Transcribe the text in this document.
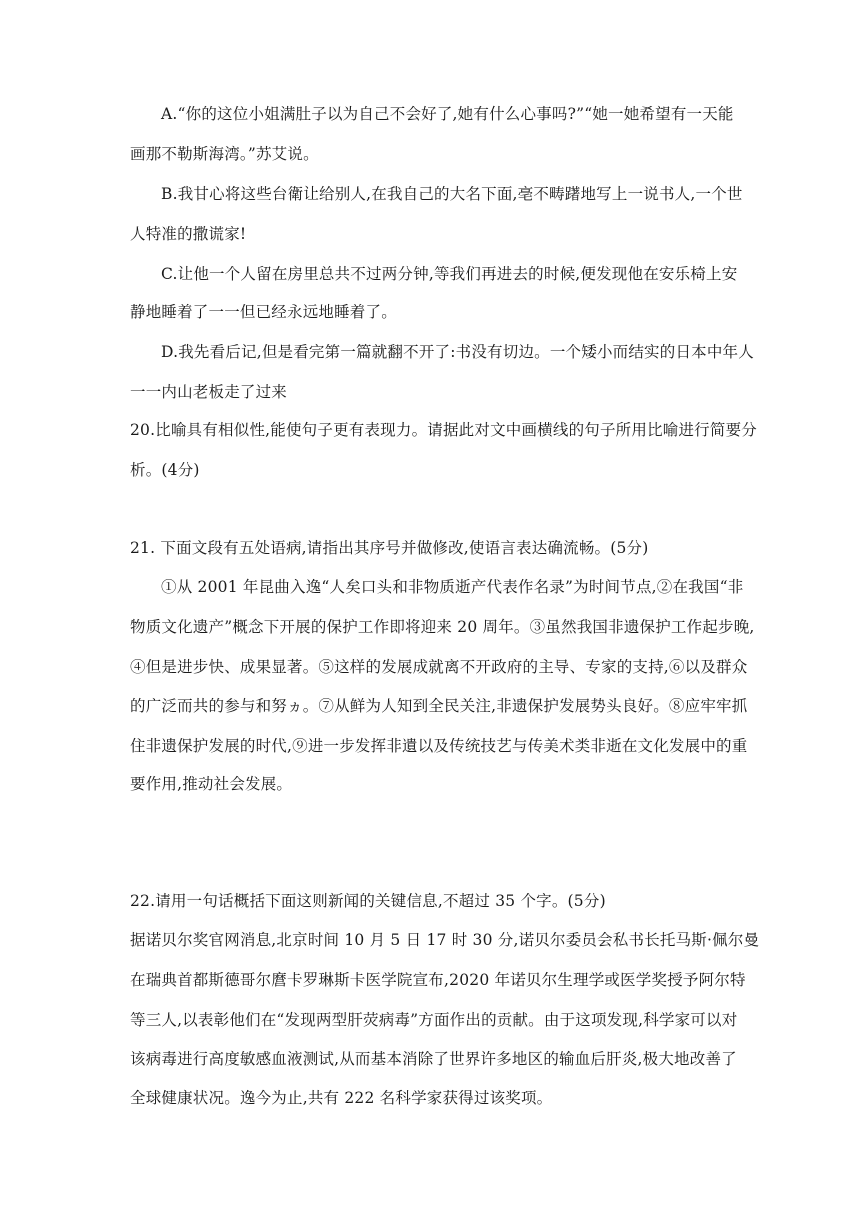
A.“你的这位小姐满肚子以为自己不会好了,她有什么心事吗?”“她一她希望有一天能
画那不勒斯海湾。”苏艾说。
B.我甘心将这些台衛让给别人,在我自己的大名下面,亳不畴躇地写上一说书人,一个世
人特准的撒谎家!
C.让他一个人留在房里总共不过两分钟,等我们再进去的时候,便发现他在安乐椅上安
静地睡着了一一但已经永远地睡着了。
D.我先看后记,但是看完第一篇就翻不开了:书没有切边。一个矮小而结实的日本中年人
一一内山老板走了过来
20.比喻具有相似性,能使句子更有表现力。请据此对文中画横线的句子所用比喻进行简要分
析。(4分)
21. 下面文段有五处语病,请指出其序号并做修改,使语言表达确流畅。(5分)
①从 2001 年昆曲入逸“人矣口头和非物质逝产代表作名录”为时间节点,②在我国“非
物质文化遗产”概念下开展的保护工作即将迎来 20 周年。③虽然我国非遗保护工作起步晚,
④但是进步快、成果显著。⑤这样的发展成就离不开政府的主导、专家的支持,⑥以及群众
的广泛而共的参与和努ヵ。⑦从鲜为人知到全民关注,非遗保护发展势头良好。⑧应牢牢抓
住非遗保护发展的时代,⑨进一步发挥非遺以及传统技艺与传美术类非逝在文化发展中的重
要作用,推动社会发展。
22.请用一句话概括下面这则新闻的关键信息,不超过 35 个字。(5分)
据诺贝尔奖官网消息,北京时间 10 月 5 日 17 时 30 分,诺贝尔委员会私书长托马斯·佩尔曼
在瑞典首都斯德哥尔麿卡罗琳斯卡医学院宣布,2020 年诺贝尔生理学或医学奖授予阿尔特
等三人,以表彰他们在“发现两型肝荧病毒”方面作出的贡献。由于这项发现,科学家可以对
该病毒进行高度敏感血液测试,从而基本消除了世界许多地区的输血后肝炎,极大地改善了
全球健康状况。逸今为止,共有 222 名科学家获得过该奖项。
